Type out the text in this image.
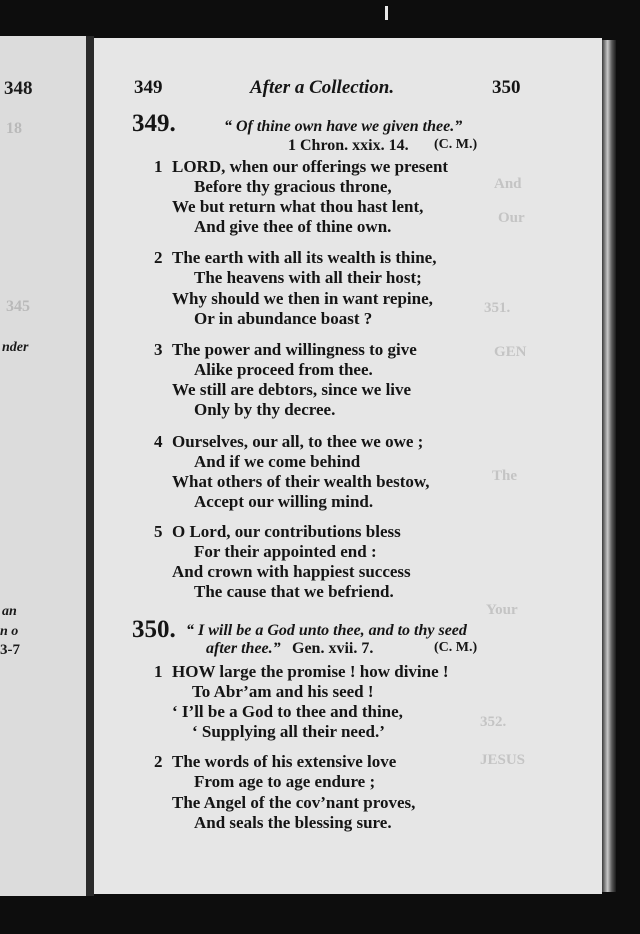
348
18
345
nder
an
n o
3-7
And
Our
351.
GEN
The
Your
352.
JESUS
349	After a Collection.	350
349.	“ Of thine own have we given thee.”
1 Chron. xxix. 14. (C. M.)
1 LORD, when our offerings we present
Before thy gracious throne,
We but return what thou hast lent,
And give thee of thine own.
2 The earth with all its wealth is thine,
The heavens with all their host;
Why should we then in want repine,
Or in abundance boast ?
3 The power and willingness to give
Alike proceed from thee.
We still are debtors, since we live
Only by thy decree.
4 Ourselves, our all, to thee we owe ;
And if we come behind
What others of their wealth bestow,
Accept our willing mind.
5 O Lord, our contributions bless
For their appointed end :
And crown with happiest success
The cause that we befriend.
350. “ I will be a God unto thee, and to thy seed
after thee.” Gen. xvii. 7.	(C. M.)
1 HOW large the promise ! how divine !
To Abr’am and his seed !
‘ I’ll be a God to thee and thine,
‘ Supplying all their need.’
2 The words of his extensive love
From age to age endure ;
The Angel of the cov’nant proves,
And seals the blessing sure.
